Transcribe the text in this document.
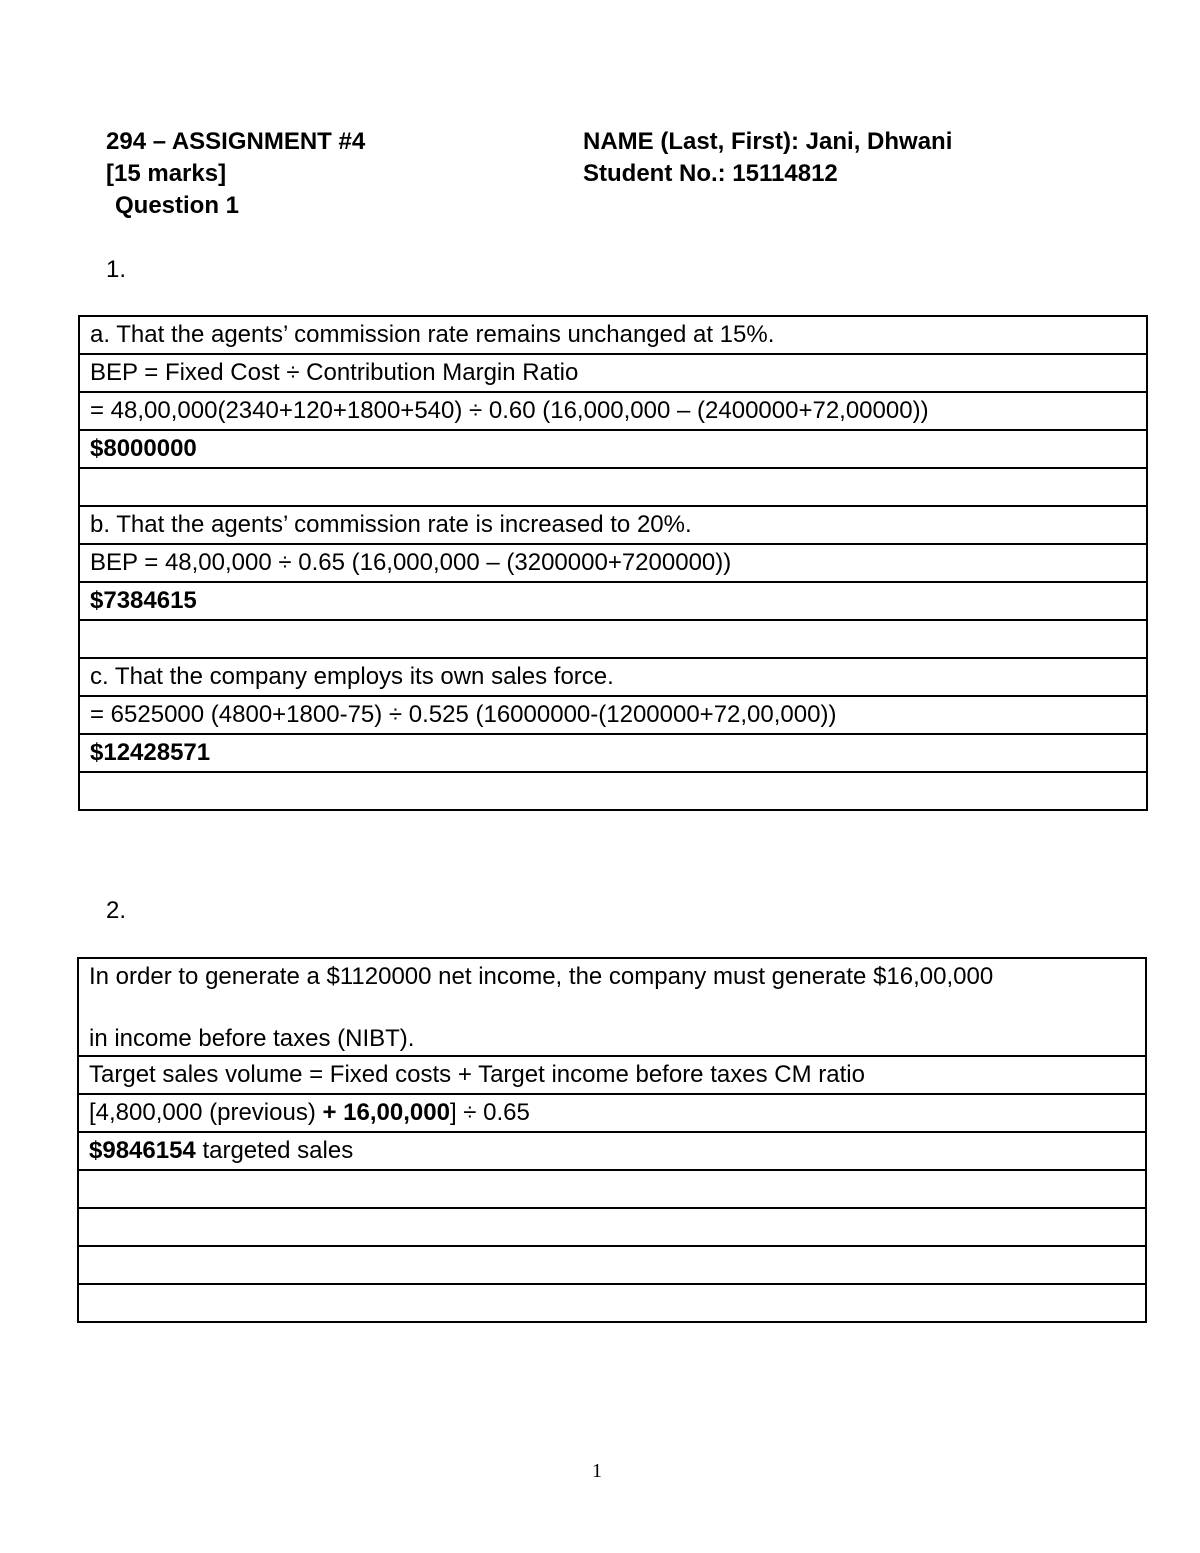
294 – ASSIGNMENT #4
[15 marks]
Question 1
NAME (Last, First): Jani, Dhwani
Student No.: 15114812
1.
a. That the agents’ commission rate remains unchanged at 15%.
BEP = Fixed Cost ÷ Contribution Margin Ratio
= 48,00,000(2340+120+1800+540) ÷ 0.60 (16,000,000 – (2400000+72,00000))
$8000000

b. That the agents’ commission rate is increased to 20%.
BEP = 48,00,000 ÷ 0.65 (16,000,000 – (3200000+7200000))
$7384615

c. That the company employs its own sales force.
= 6525000 (4800+1800-75) ÷ 0.525 (16000000-(1200000+72,00,000))
$12428571

2.
In order to generate a $1120000 net income, the company must generate $16,00,000
in income before taxes (NIBT).

Target sales volume = Fixed costs + Target income before taxes CM ratio
[4,800,000 (previous) + 16,00,000] ÷ 0.65
$9846154 targeted sales

1
